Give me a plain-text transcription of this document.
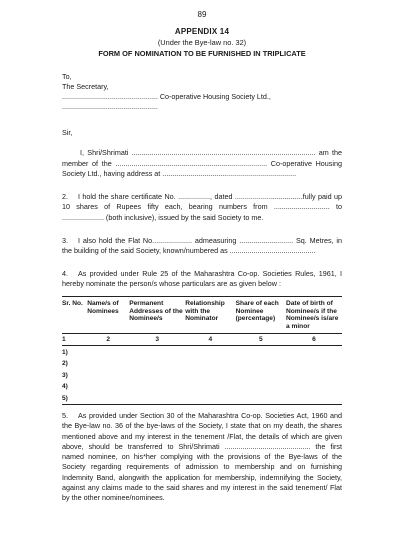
89
APPENDIX 14
(Under the Bye-law no. 32)
FORM OF NOMINATION TO BE FURNISHED IN TRIPLICATE
To,
The Secretary,
................................................ Co-operative Housing Society Ltd.,
................................................
Sir,

I, Shri/Shrimati ............................................................................................ am the member of the ............................................................................ Co-operative Housing Society Ltd., having address at ...................................................................

2. I hold the share certificate No. ................, dated ..................................fully paid up 10 shares of Rupees fifty each, bearing numbers from ............................ to ..................... (both inclusive), issued by the said Society to me.

3. I also hold the Flat No.................... admeasuring ........................... Sq. Metres, in the building of the said Society, known/numbered as ...........................................

4. As provided under Rule 25 of the Maharashtra Co-op. Societies Rules, 1961, I hereby nominate the person/s whose particulars are as given below :

Sr. No.	Name/s of Nominees	Permanent Addresses of the Nominee/s	Relationship with the Nominator	Share of each Nominee (percentage)	Date of birth of Nominee/s if the Nominee/s is/are a minor
1	2	3	4	5	6
1)					
2)					
3)					
4)					
5)					

5. As provided under Section 30 of the Maharashtra Co-op. Societies Act, 1960 and the Bye-law no. 36 of the bye-laws of the Society, I state that on my death, the shares mentioned above and my interest in the tenement /Flat, the details of which are given above, should be transferred to Shri/Shrimati ........................................... the first named nominee, on his*her complying with the provisions of the Bye-laws of the Society regarding requirements of admission to membership and on furnishing Indemnity Band, alongwith the application for membership, indemnifying the Society, against any claims made to the said shares and my interest in the said tenement/ Flat by the other nominee/nominees.
